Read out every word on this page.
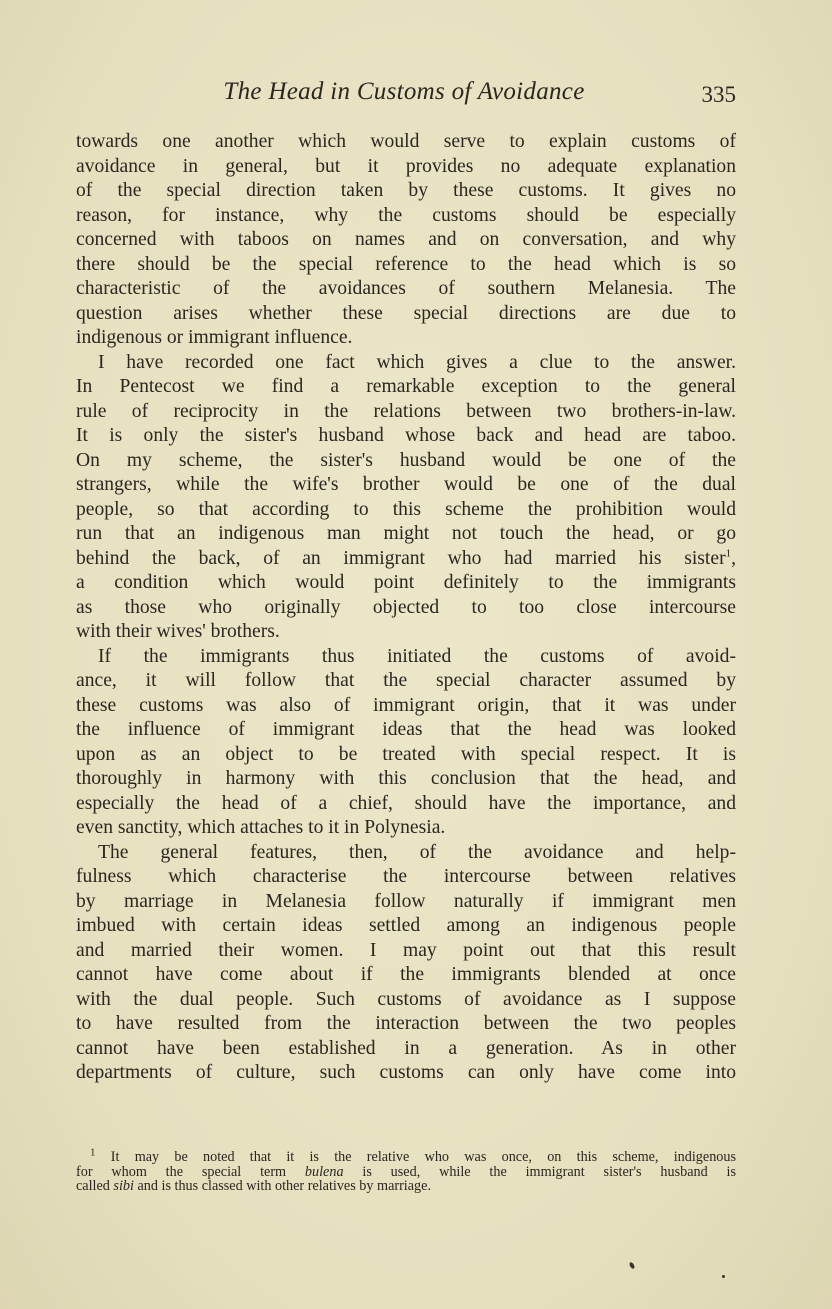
The Head in Customs of Avoidance	335
towards one another which would serve to explain customs of
avoidance in general, but it provides no adequate explanation
of the special direction taken by these customs. It gives no
reason, for instance, why the customs should be especially
concerned with taboos on names and on conversation, and why
there should be the special reference to the head which is so
characteristic of the avoidances of southern Melanesia. The
question arises whether these special directions are due to
indigenous or immigrant influence.
I have recorded one fact which gives a clue to the answer.
In Pentecost we find a remarkable exception to the general
rule of reciprocity in the relations between two brothers-in-law.
It is only the sister's husband whose back and head are taboo.
On my scheme, the sister's husband would be one of the
strangers, while the wife's brother would be one of the dual
people, so that according to this scheme the prohibition would
run that an indigenous man might not touch the head, or go
behind the back, of an immigrant who had married his sister$^1$,
a condition which would point definitely to the immigrants
as those who originally objected to too close intercourse
with their wives' brothers.
If the immigrants thus initiated the customs of avoid-
ance, it will follow that the special character assumed by
these customs was also of immigrant origin, that it was under
the influence of immigrant ideas that the head was looked
upon as an object to be treated with special respect. It is
thoroughly in harmony with this conclusion that the head, and
especially the head of a chief, should have the importance, and
even sanctity, which attaches to it in Polynesia.
The general features, then, of the avoidance and help-
fulness which characterise the intercourse between relatives
by marriage in Melanesia follow naturally if immigrant men
imbued with certain ideas settled among an indigenous people
and married their women. I may point out that this result
cannot have come about if the immigrants blended at once
with the dual people. Such customs of avoidance as I suppose
to have resulted from the interaction between the two peoples
cannot have been established in a generation. As in other
departments of culture, such customs can only have come into
$^1$ It may be noted that it is the relative who was once, on this scheme, indigenous
for whom the special term bulena is used, while the immigrant sister's husband is
called sibi and is thus classed with other relatives by marriage.
